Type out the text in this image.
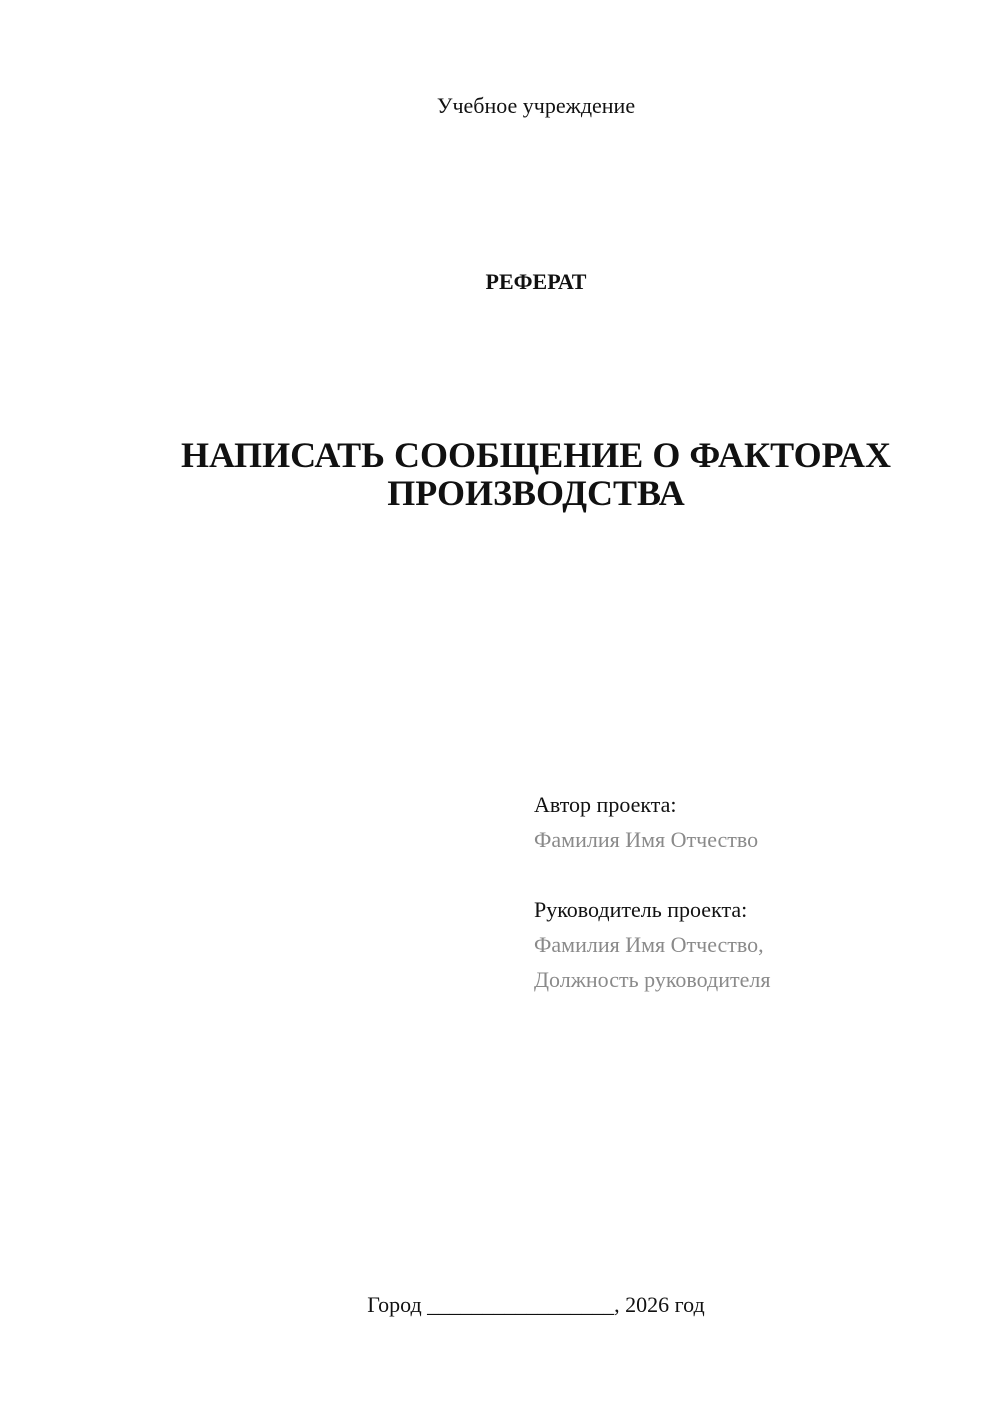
Учебное учреждение
РЕФЕРАТ
НАПИСАТЬ СООБЩЕНИЕ О ФАКТОРАХ
ПРОИЗВОДСТВА
Автор проекта:
Фамилия Имя Отчество
Руководитель проекта:
Фамилия Имя Отчество,
Должность руководителя
Город _________________, 2026 год
